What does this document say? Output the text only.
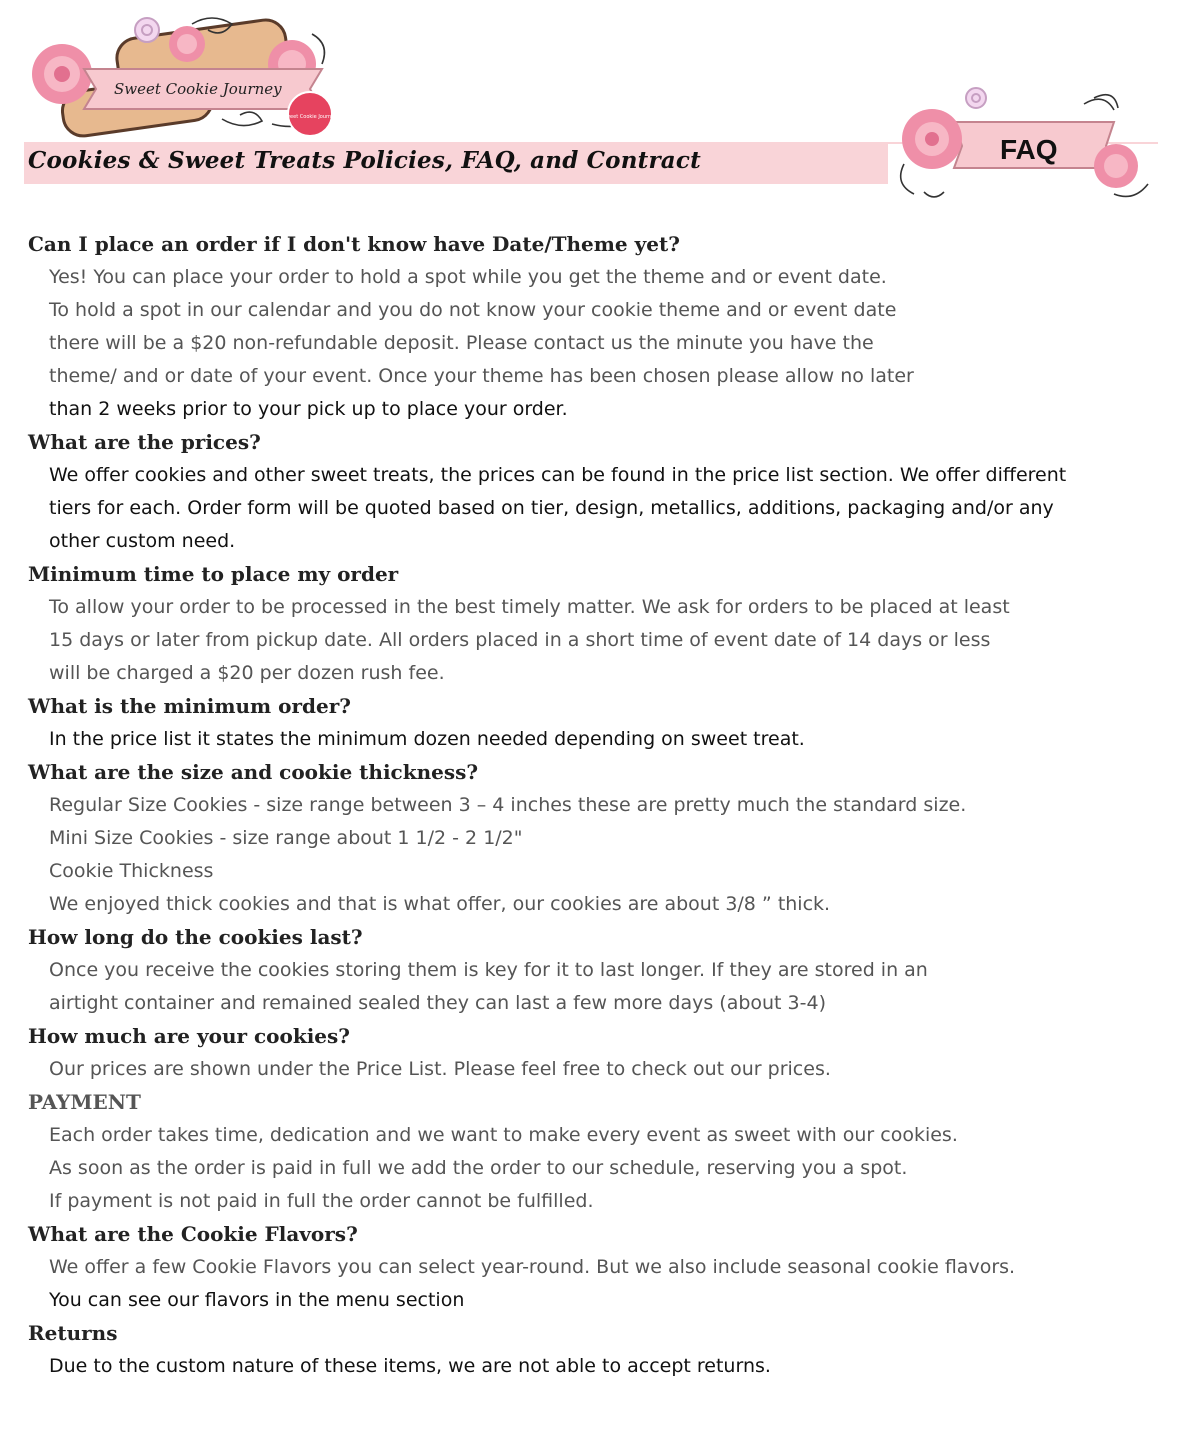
Sweet Cookie Journey
Sweet Cookie Journey
Cookies & Sweet Treats Policies, FAQ, and Contract	FAQ
Can I place an order if I don't know have Date/Theme yet?
Yes! You can place your order to hold a spot while you get the theme and or event date.
To hold a spot in our calendar and you do not know your cookie theme and or event date
there will be a $20 non-refundable deposit. Please contact us the minute you have the
theme/ and or date of your event. Once your theme has been chosen please allow no later
than 2 weeks prior to your pick up to place your order.
What are the prices?
We offer cookies and other sweet treats, the prices can be found in the price list section. We offer different
tiers for each. Order form will be quoted based on tier, design, metallics, additions, packaging and/or any
other custom need.
Minimum time to place my order
To allow your order to be processed in the best timely matter. We ask for orders to be placed at least
15 days or later from pickup date. All orders placed in a short time of event date of 14 days or less
will be charged a $20 per dozen rush fee.
What is the minimum order?
In the price list it states the minimum dozen needed depending on sweet treat.
What are the size and cookie thickness?
Regular Size Cookies - size range between 3 – 4 inches these are pretty much the standard size.
Mini Size Cookies - size range about 1 1/2 - 2 1/2"
Cookie Thickness
We enjoyed thick cookies and that is what offer, our cookies are about 3/8 ” thick.
How long do the cookies last?
Once you receive the cookies storing them is key for it to last longer. If they are stored in an
airtight container and remained sealed they can last a few more days (about 3-4)
How much are your cookies?
Our prices are shown under the Price List. Please feel free to check out our prices.
PAYMENT
Each order takes time, dedication and we want to make every event as sweet with our cookies.
As soon as the order is paid in full we add the order to our schedule, reserving you a spot.
If payment is not paid in full the order cannot be fulfilled.
What are the Cookie Flavors?
We offer a few Cookie Flavors you can select year-round. But we also include seasonal cookie flavors.
You can see our flavors in the menu section
Returns
Due to the custom nature of these items, we are not able to accept returns.
